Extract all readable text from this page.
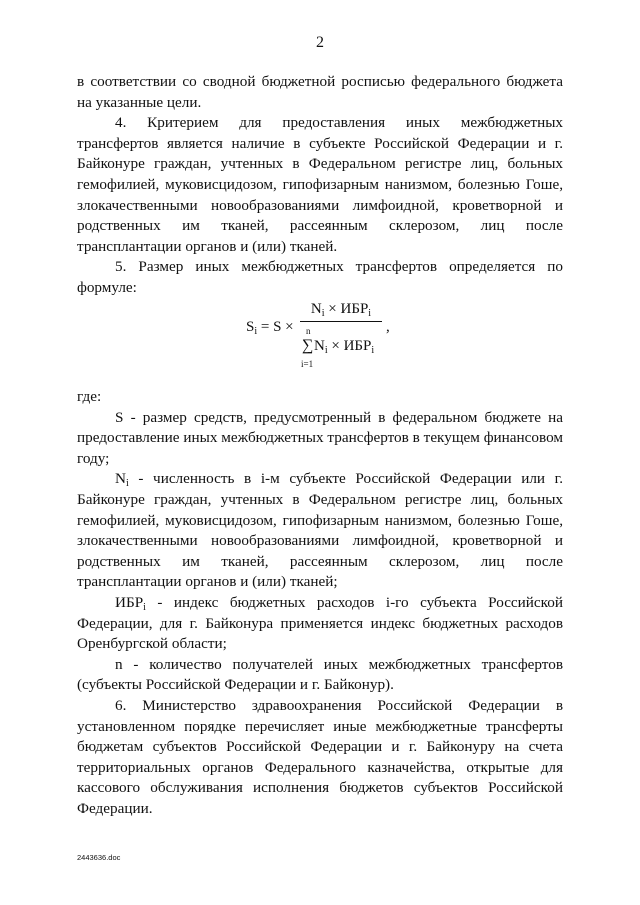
2

в соответствии со сводной бюджетной росписью федерального бюджета на указанные цели.

4. Критерием для предоставления иных межбюджетных трансфертов является наличие в субъекте Российской Федерации и г. Байконуре граждан, учтенных в Федеральном регистре лиц, больных гемофилией, муковисцидозом, гипофизарным нанизмом, болезнью Гоше, злокачественными новообразованиями лимфоидной, кроветворной и родственных им тканей, рассеянным склерозом, лиц после трансплантации органов и (или) тканей.

5. Размер иных межбюджетных трансфертов определяется по формуле:

$S_i = S$ ×
$N_i \times ИБР_i$
n
∑
i=1
$N_i \times ИБР_i$
,

где:

S - размер средств, предусмотренный в федеральном бюджете на предоставление иных межбюджетных трансфертов в текущем финансовом году;

$N_i$ - численность в i-м субъекте Российской Федерации или г. Байконуре граждан, учтенных в Федеральном регистре лиц, больных гемофилией, муковисцидозом, гипофизарным нанизмом, болезнью Гоше, злокачественными новообразованиями лимфоидной, кроветворной и родственных им тканей, рассеянным склерозом, лиц после трансплантации органов и (или) тканей;

$ИБР_i$ - индекс бюджетных расходов i-го субъекта Российской Федерации, для г. Байконура применяется индекс бюджетных расходов Оренбургской области;

n - количество получателей иных межбюджетных трансфертов (субъекты Российской Федерации и г. Байконур).

6. Министерство здравоохранения Российской Федерации в установленном порядке перечисляет иные межбюджетные трансферты бюджетам субъектов Российской Федерации и г. Байконуру на счета территориальных органов Федерального казначейства, открытые для кассового обслуживания исполнения бюджетов субъектов Российской Федерации.

2443636.doc
